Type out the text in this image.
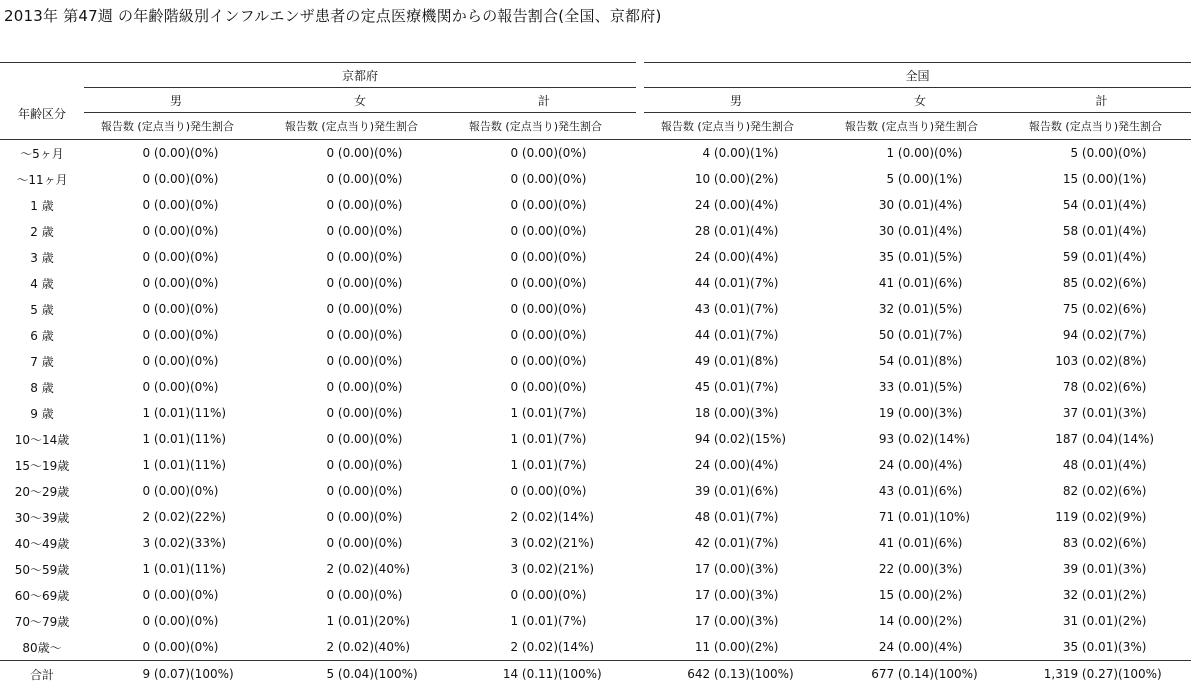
2013年 第47週 の年齢階級別インフルエンザ患者の定点医療機関からの報告割合(全国、京都府)
	京都府							全国					
年齢区分	男		女		計			男		女		計	
	報告数 (定点当り)	発生割合	報告数 (定点当り)	発生割合	報告数 (定点当り)	発生割合		報告数 (定点当り)	発生割合	報告数 (定点当り)	発生割合	報告数 (定点当り)	発生割合
～5ヶ月	0 (0.00)	(0%)	0 (0.00)	(0%)	0 (0.00)	(0%)		4 (0.00)	(1%)	1 (0.00)	(0%)	5 (0.00)	(0%)
～11ヶ月	0 (0.00)	(0%)	0 (0.00)	(0%)	0 (0.00)	(0%)		10 (0.00)	(2%)	5 (0.00)	(1%)	15 (0.00)	(1%)
1 歳	0 (0.00)	(0%)	0 (0.00)	(0%)	0 (0.00)	(0%)		24 (0.00)	(4%)	30 (0.01)	(4%)	54 (0.01)	(4%)
2 歳	0 (0.00)	(0%)	0 (0.00)	(0%)	0 (0.00)	(0%)		28 (0.01)	(4%)	30 (0.01)	(4%)	58 (0.01)	(4%)
3 歳	0 (0.00)	(0%)	0 (0.00)	(0%)	0 (0.00)	(0%)		24 (0.00)	(4%)	35 (0.01)	(5%)	59 (0.01)	(4%)
4 歳	0 (0.00)	(0%)	0 (0.00)	(0%)	0 (0.00)	(0%)		44 (0.01)	(7%)	41 (0.01)	(6%)	85 (0.02)	(6%)
5 歳	0 (0.00)	(0%)	0 (0.00)	(0%)	0 (0.00)	(0%)		43 (0.01)	(7%)	32 (0.01)	(5%)	75 (0.02)	(6%)
6 歳	0 (0.00)	(0%)	0 (0.00)	(0%)	0 (0.00)	(0%)		44 (0.01)	(7%)	50 (0.01)	(7%)	94 (0.02)	(7%)
7 歳	0 (0.00)	(0%)	0 (0.00)	(0%)	0 (0.00)	(0%)		49 (0.01)	(8%)	54 (0.01)	(8%)	103 (0.02)	(8%)
8 歳	0 (0.00)	(0%)	0 (0.00)	(0%)	0 (0.00)	(0%)		45 (0.01)	(7%)	33 (0.01)	(5%)	78 (0.02)	(6%)
9 歳	1 (0.01)	(11%)	0 (0.00)	(0%)	1 (0.01)	(7%)		18 (0.00)	(3%)	19 (0.00)	(3%)	37 (0.01)	(3%)
10～14歳	1 (0.01)	(11%)	0 (0.00)	(0%)	1 (0.01)	(7%)		94 (0.02)	(15%)	93 (0.02)	(14%)	187 (0.04)	(14%)
15～19歳	1 (0.01)	(11%)	0 (0.00)	(0%)	1 (0.01)	(7%)		24 (0.00)	(4%)	24 (0.00)	(4%)	48 (0.01)	(4%)
20～29歳	0 (0.00)	(0%)	0 (0.00)	(0%)	0 (0.00)	(0%)		39 (0.01)	(6%)	43 (0.01)	(6%)	82 (0.02)	(6%)
30～39歳	2 (0.02)	(22%)	0 (0.00)	(0%)	2 (0.02)	(14%)		48 (0.01)	(7%)	71 (0.01)	(10%)	119 (0.02)	(9%)
40～49歳	3 (0.02)	(33%)	0 (0.00)	(0%)	3 (0.02)	(21%)		42 (0.01)	(7%)	41 (0.01)	(6%)	83 (0.02)	(6%)
50～59歳	1 (0.01)	(11%)	2 (0.02)	(40%)	3 (0.02)	(21%)		17 (0.00)	(3%)	22 (0.00)	(3%)	39 (0.01)	(3%)
60～69歳	0 (0.00)	(0%)	0 (0.00)	(0%)	0 (0.00)	(0%)		17 (0.00)	(3%)	15 (0.00)	(2%)	32 (0.01)	(2%)
70～79歳	0 (0.00)	(0%)	1 (0.01)	(20%)	1 (0.01)	(7%)		17 (0.00)	(3%)	14 (0.00)	(2%)	31 (0.01)	(2%)
80歳～	0 (0.00)	(0%)	2 (0.02)	(40%)	2 (0.02)	(14%)		11 (0.00)	(2%)	24 (0.00)	(4%)	35 (0.01)	(3%)
合計	9 (0.07)	(100%)	5 (0.04)	(100%)	14 (0.11)	(100%)		642 (0.13)	(100%)	677 (0.14)	(100%)	1,319 (0.27)	(100%)
